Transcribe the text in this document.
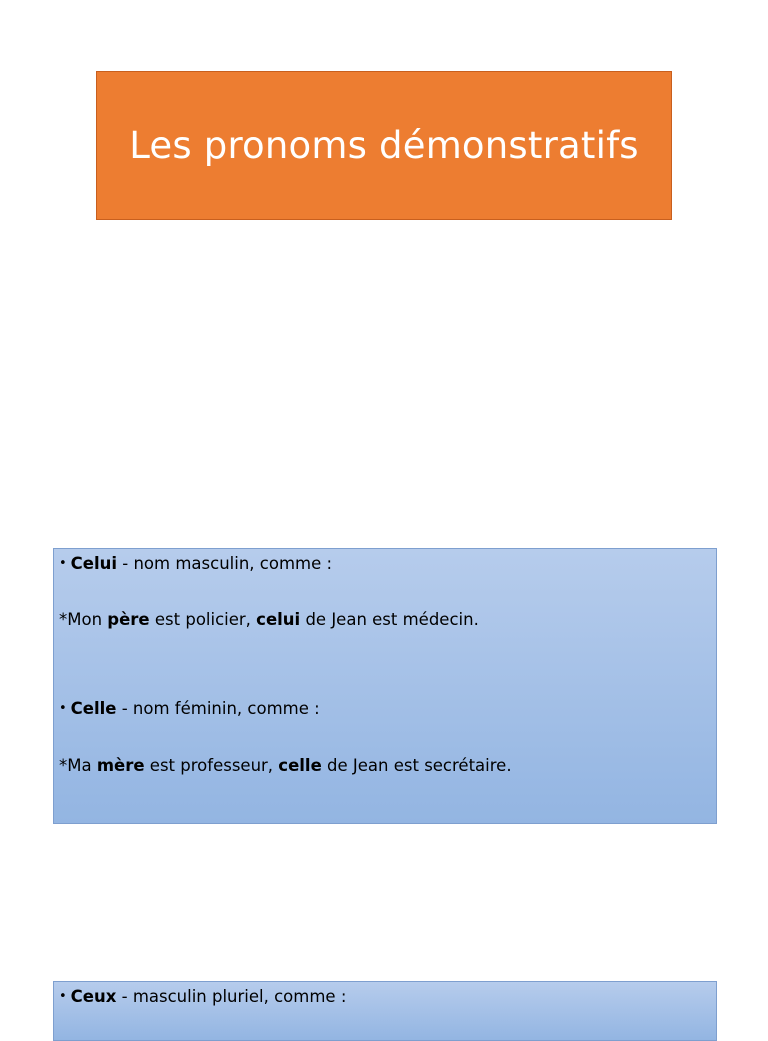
Les pronoms démonstratifs
• Celui - nom masculin, comme :
*Mon père est policier, celui de Jean est médecin.
• Celle - nom féminin, comme :
*Ma mère est professeur, celle de Jean est secrétaire.
• Ceux - masculin pluriel, comme :
